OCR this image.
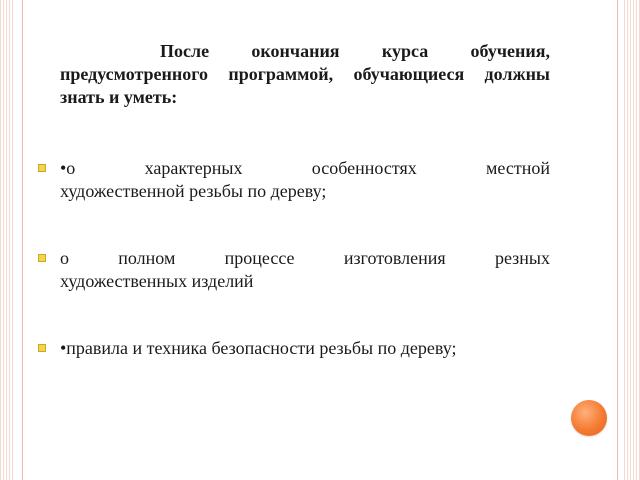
После окончания курса обучения, предусмотренного программой, обучающиеся должны знать и уметь:

•о характерных особенностях местной
художественной резьбы по дереву;
о полном процессе изготовления резных
художественных изделий
•правила и техника безопасности резьбы по дереву;
